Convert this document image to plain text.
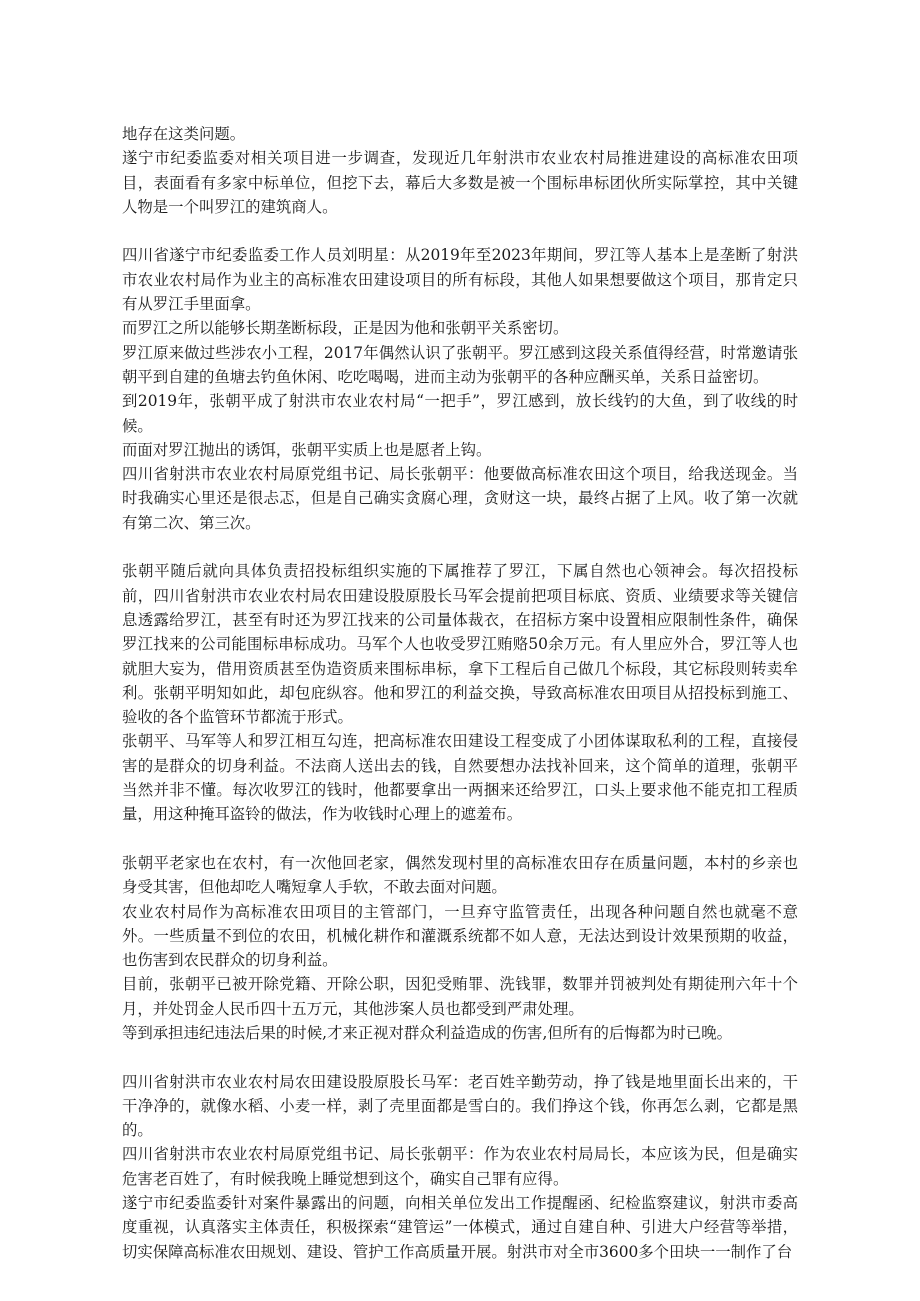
地存在这类问题。

遂宁市纪委监委对相关项目进一步调查，发现近几年射洪市农业农村局推进建设的高标准农田项目，表面看有多家中标单位，但挖下去，幕后大多数是被一个围标串标团伙所实际掌控，其中关键人物是一个叫罗江的建筑商人。

四川省遂宁市纪委监委工作人员刘明星：从2019年至2023年期间，罗江等人基本上是垄断了射洪市农业农村局作为业主的高标准农田建设项目的所有标段，其他人如果想要做这个项目，那肯定只有从罗江手里面拿。

而罗江之所以能够长期垄断标段，正是因为他和张朝平关系密切。

罗江原来做过些涉农小工程，2017年偶然认识了张朝平。罗江感到这段关系值得经营，时常邀请张朝平到自建的鱼塘去钓鱼休闲、吃吃喝喝，进而主动为张朝平的各种应酬买单，关系日益密切。

到2019年，张朝平成了射洪市农业农村局“一把手”，罗江感到，放长线钓的大鱼，到了收线的时候。

而面对罗江抛出的诱饵，张朝平实质上也是愿者上钩。

四川省射洪市农业农村局原党组书记、局长张朝平：他要做高标准农田这个项目，给我送现金。当时我确实心里还是很忐忑，但是自己确实贪腐心理，贪财这一块，最终占据了上风。收了第一次就有第二次、第三次。

张朝平随后就向具体负责招投标组织实施的下属推荐了罗江，下属自然也心领神会。每次招投标前，四川省射洪市农业农村局农田建设股原股长马军会提前把项目标底、资质、业绩要求等关键信息透露给罗江，甚至有时还为罗江找来的公司量体裁衣，在招标方案中设置相应限制性条件，确保罗江找来的公司能围标串标成功。马军个人也收受罗江贿赂50余万元。有人里应外合，罗江等人也就胆大妄为，借用资质甚至伪造资质来围标串标，拿下工程后自己做几个标段，其它标段则转卖牟利。张朝平明知如此，却包庇纵容。他和罗江的利益交换，导致高标准农田项目从招投标到施工、验收的各个监管环节都流于形式。

张朝平、马军等人和罗江相互勾连，把高标准农田建设工程变成了小团体谋取私利的工程，直接侵害的是群众的切身利益。不法商人送出去的钱，自然要想办法找补回来，这个简单的道理，张朝平当然并非不懂。每次收罗江的钱时，他都要拿出一两捆来还给罗江，口头上要求他不能克扣工程质量，用这种掩耳盗铃的做法，作为收钱时心理上的遮羞布。

张朝平老家也在农村，有一次他回老家，偶然发现村里的高标准农田存在质量问题，本村的乡亲也身受其害，但他却吃人嘴短拿人手软，不敢去面对问题。

农业农村局作为高标准农田项目的主管部门，一旦弃守监管责任，出现各种问题自然也就毫不意外。一些质量不到位的农田，机械化耕作和灌溉系统都不如人意，无法达到设计效果预期的收益，也伤害到农民群众的切身利益。

目前，张朝平已被开除党籍、开除公职，因犯受贿罪、洗钱罪，数罪并罚被判处有期徒刑六年十个月，并处罚金人民币四十五万元，其他涉案人员也都受到严肃处理。

等到承担违纪违法后果的时候,才来正视对群众利益造成的伤害,但所有的后悔都为时已晚。

四川省射洪市农业农村局农田建设股原股长马军：老百姓辛勤劳动，挣了钱是地里面长出来的，干干净净的，就像水稻、小麦一样，剥了壳里面都是雪白的。我们挣这个钱，你再怎么剥，它都是黑的。

四川省射洪市农业农村局原党组书记、局长张朝平：作为农业农村局局长，本应该为民，但是确实危害老百姓了，有时候我晚上睡觉想到这个，确实自己罪有应得。

遂宁市纪委监委针对案件暴露出的问题，向相关单位发出工作提醒函、纪检监察建议，射洪市委高度重视，认真落实主体责任，积极探索“建管运”一体模式，通过自建自种、引进大户经营等举措，切实保障高标准农田规划、建设、管护工作高质量开展。射洪市对全市3600多个田块一一制作了台
